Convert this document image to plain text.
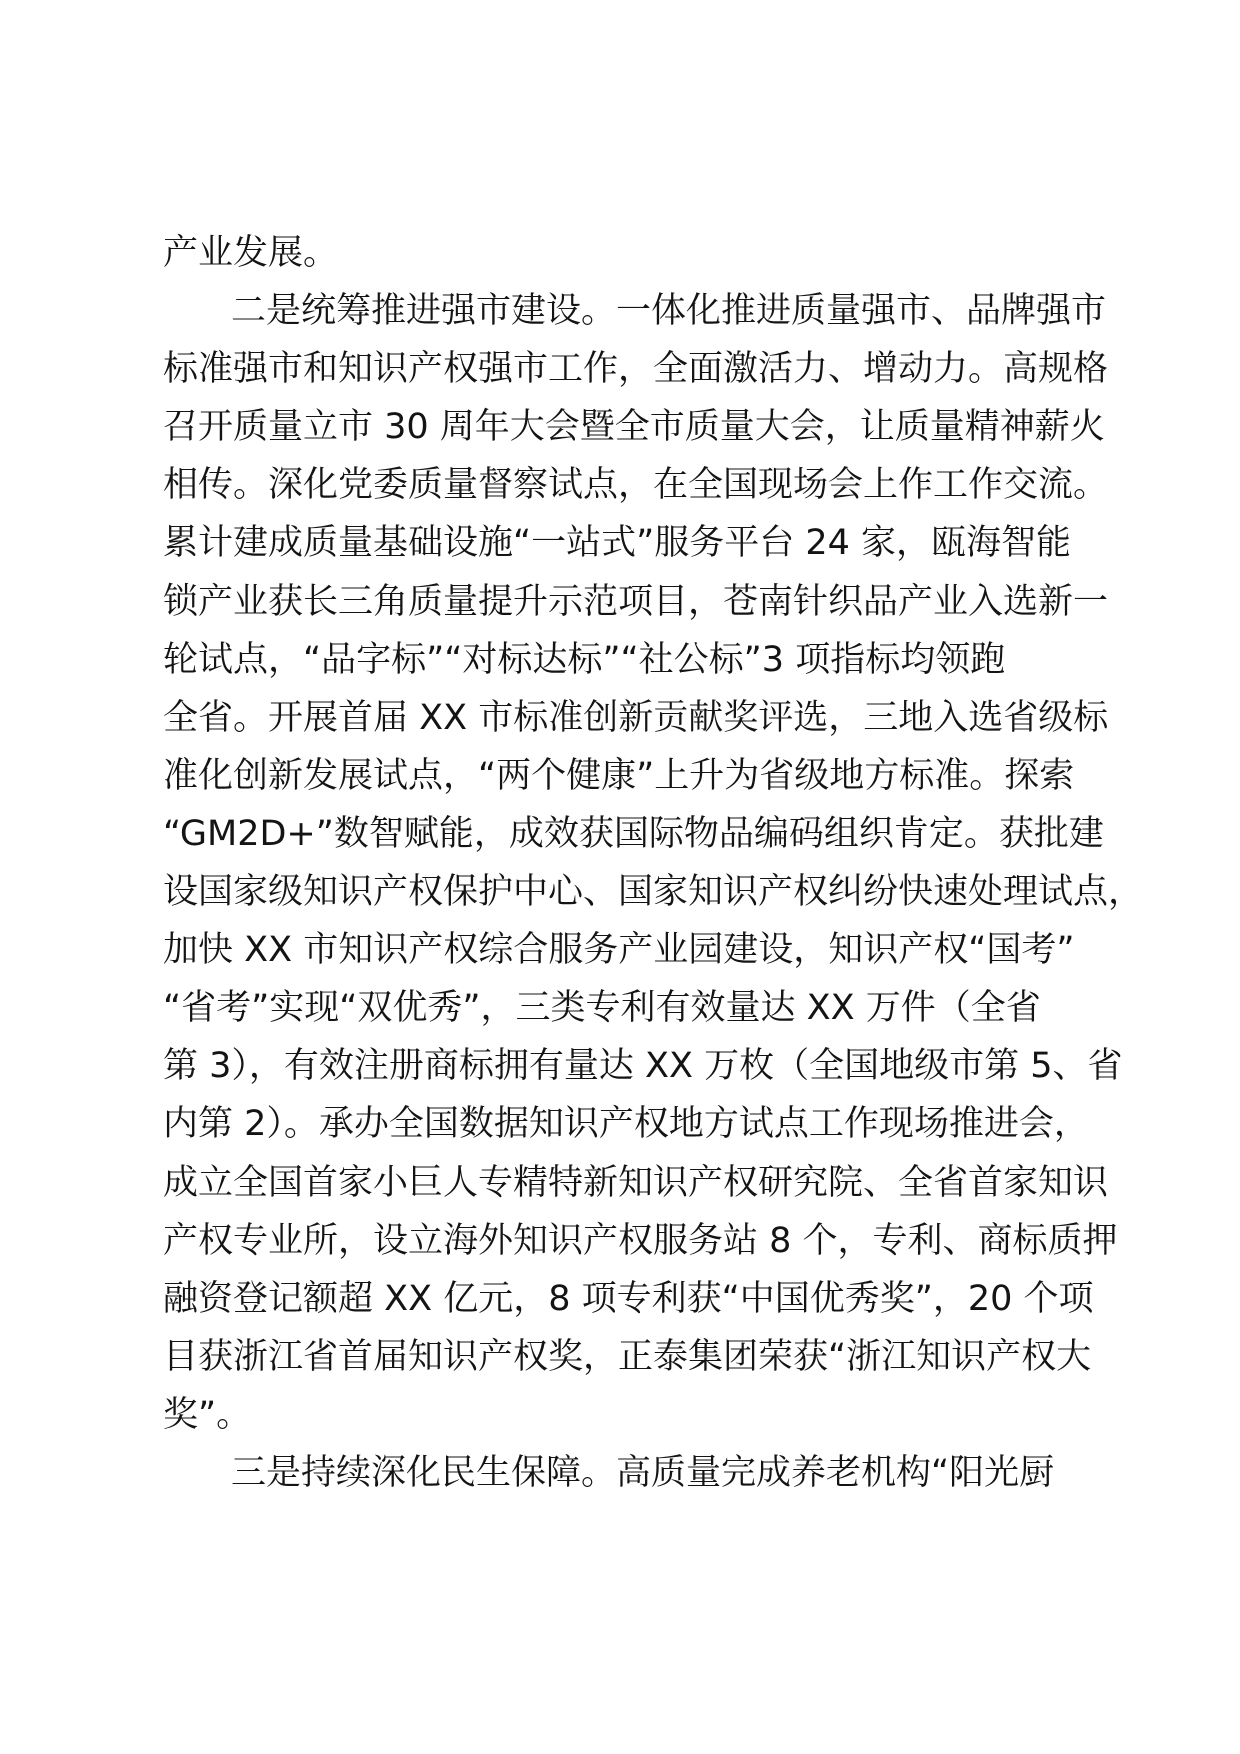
产业发展。
二是统筹推进强市建设。一体化推进质量强市、品牌强市
标准强市和知识产权强市工作，全面激活力、增动力。高规格
召开质量立市 30 周年大会暨全市质量大会，让质量精神薪火
相传。深化党委质量督察试点，在全国现场会上作工作交流。
累计建成质量基础设施“一站式”服务平台 24 家，瓯海智能
锁产业获长三角质量提升示范项目，苍南针织品产业入选新一
轮试点，“品字标”“对标达标”“社公标”3 项指标均领跑
全省。开展首届 XX 市标准创新贡献奖评选，三地入选省级标
准化创新发展试点，“两个健康”上升为省级地方标准。探索
“GM2D+”数智赋能，成效获国际物品编码组织肯定。获批建
设国家级知识产权保护中心、国家知识产权纠纷快速处理试点，
加快 XX 市知识产权综合服务产业园建设，知识产权“国考”
“省考”实现“双优秀”，三类专利有效量达 XX 万件（全省
第 3），有效注册商标拥有量达 XX 万枚（全国地级市第 5、省
内第 2）。承办全国数据知识产权地方试点工作现场推进会，
成立全国首家小巨人专精特新知识产权研究院、全省首家知识
产权专业所，设立海外知识产权服务站 8 个，专利、商标质押
融资登记额超 XX 亿元，8 项专利获“中国优秀奖”，20 个项
目获浙江省首届知识产权奖，正泰集团荣获“浙江知识产权大
奖”。
三是持续深化民生保障。高质量完成养老机构“阳光厨
